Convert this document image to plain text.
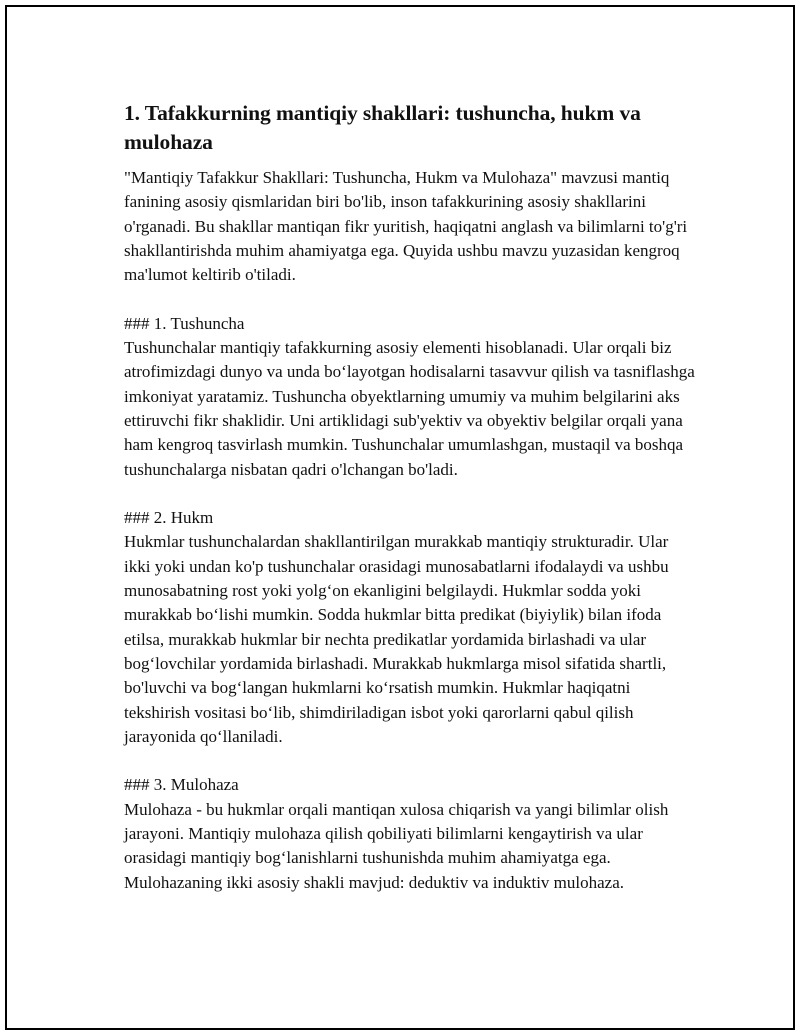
1. Tafakkurning mantiqiy shakllari: tushuncha, hukm va mulohaza

"Mantiqiy Tafakkur Shakllari: Tushuncha, Hukm va Mulohaza" mavzusi mantiq fanining asosiy qismlaridan biri bo'lib, inson tafakkurining asosiy shakllarini o'rganadi. Bu shakllar mantiqan fikr yuritish, haqiqatni anglash va bilimlarni to'g'ri shakllantirishda muhim ahamiyatga ega. Quyida ushbu mavzu yuzasidan kengroq ma'lumot keltirib o'tiladi.

### 1. Tushuncha

Tushunchalar mantiqiy tafakkurning asosiy elementi hisoblanadi. Ular orqali biz atrofimizdagi dunyo va unda bo‘layotgan hodisalarni tasavvur qilish va tasniflashga imkoniyat yaratamiz. Tushuncha obyektlarning umumiy va muhim belgilarini aks ettiruvchi fikr shaklidir. Uni artiklidagi sub'yektiv va obyektiv belgilar orqali yana ham kengroq tasvirlash mumkin. Tushunchalar umumlashgan, mustaqil va boshqa tushunchalarga nisbatan qadri o'lchangan bo'ladi.

### 2. Hukm

Hukmlar tushunchalardan shakllantirilgan murakkab mantiqiy strukturadir. Ular ikki yoki undan ko'p tushunchalar orasidagi munosabatlarni ifodalaydi va ushbu munosabatning rost yoki yolg‘on ekanligini belgilaydi. Hukmlar sodda yoki murakkab bo‘lishi mumkin. Sodda hukmlar bitta predikat (biyiylik) bilan ifoda etilsa, murakkab hukmlar bir nechta predikatlar yordamida birlashadi va ular bog‘lovchilar yordamida birlashadi. Murakkab hukmlarga misol sifatida shartli, bo'luvchi va bog‘langan hukmlarni ko‘rsatish mumkin. Hukmlar haqiqatni tekshirish vositasi bo‘lib, shimdiriladigan isbot yoki qarorlarni qabul qilish jarayonida qo‘llaniladi.

### 3. Mulohaza

Mulohaza - bu hukmlar orqali mantiqan xulosa chiqarish va yangi bilimlar olish jarayoni. Mantiqiy mulohaza qilish qobiliyati bilimlarni kengaytirish va ular orasidagi mantiqiy bog‘lanishlarni tushunishda muhim ahamiyatga ega. Mulohazaning ikki asosiy shakli mavjud: deduktiv va induktiv mulohaza.
